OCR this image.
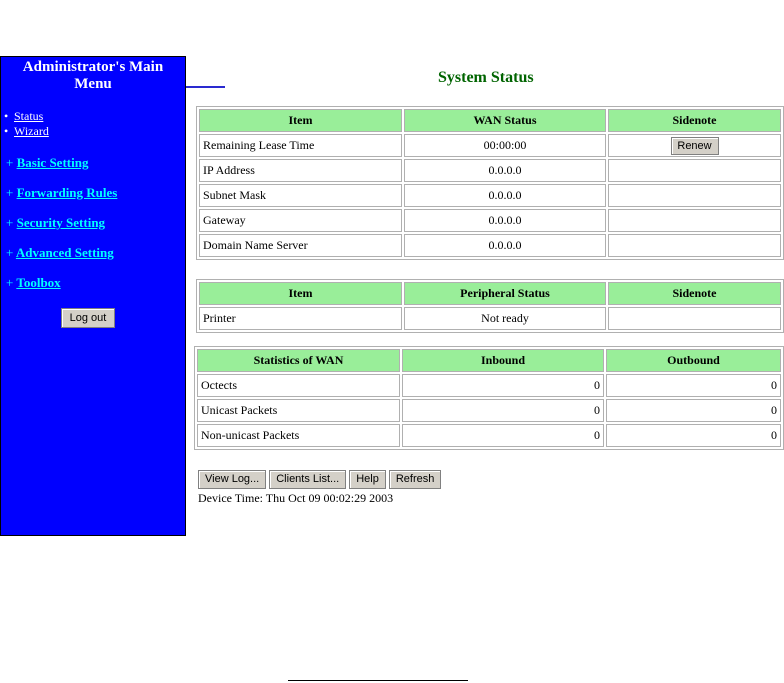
Administrator's Main Menu
• Status
• Wizard
+ Basic Setting
+ Forwarding Rules
+ Security Setting
+ Advanced Setting
+ Toolbox
Log out
System Status
Item	WAN Status	Sidenote
Remaining Lease Time	00:00:00	Renew
IP Address	0.0.0.0	
Subnet Mask	0.0.0.0	
Gateway	0.0.0.0	
Domain Name Server	0.0.0.0	
Item	Peripheral Status	Sidenote
Printer	Not ready	
Statistics of WAN	Inbound	Outbound
Octects	0	0
Unicast Packets	0	0
Non-unicast Packets	0	0
View Log... Clients List... Help Refresh
Device Time: Thu Oct 09 00:02:29 2003
